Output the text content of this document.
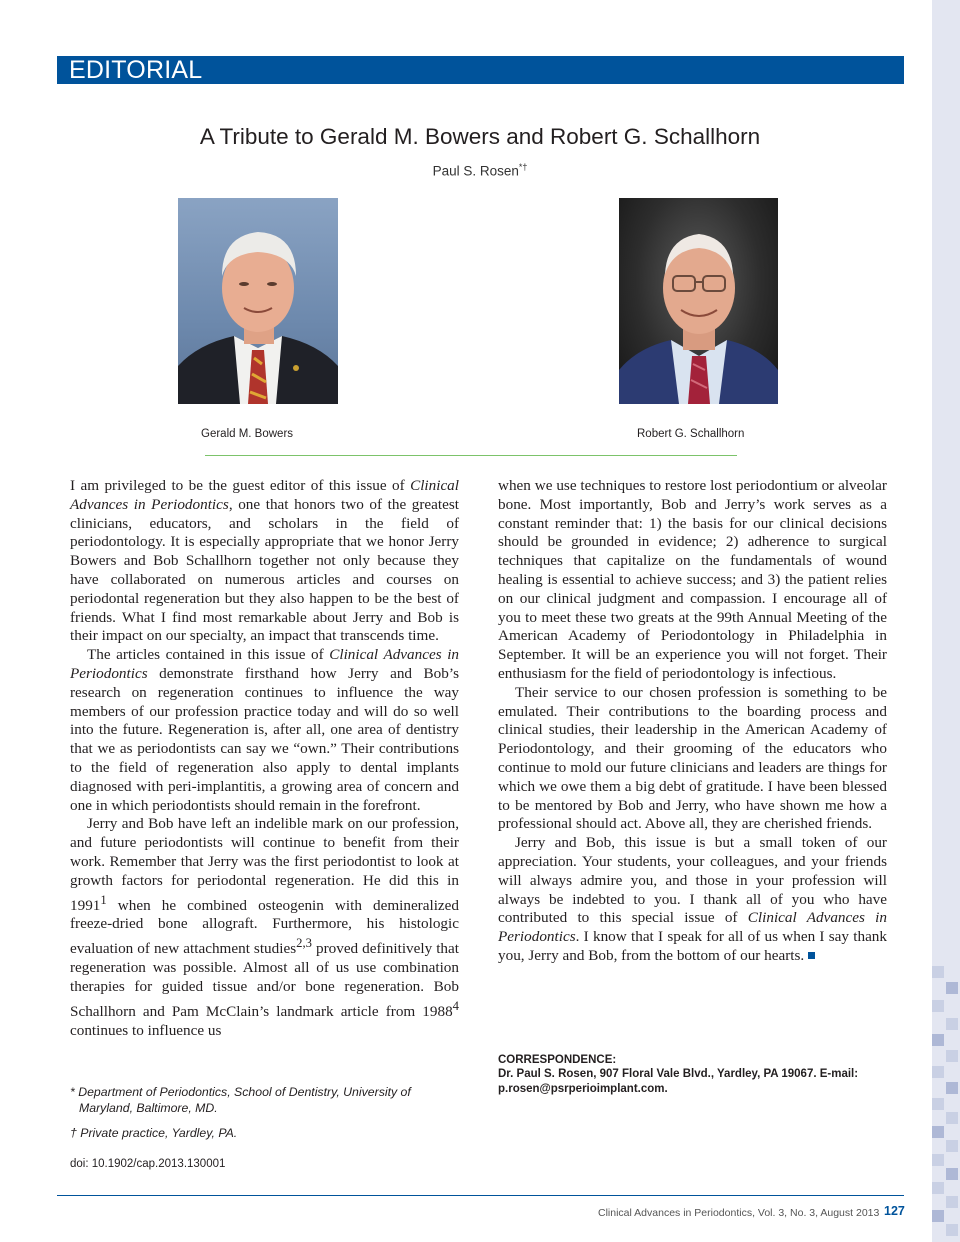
EDITORIAL
A Tribute to Gerald M. Bowers and Robert G. Schallhorn
Paul S. Rosen*†
Gerald M. Bowers	Robert G. Schallhorn

I am privileged to be the guest editor of this issue of Clinical Advances in Periodontics, one that honors two of the greatest clinicians, educators, and scholars in the field of periodontology. It is especially appropriate that we honor Jerry Bowers and Bob Schallhorn together not only because they have collaborated on numerous articles and courses on periodontal regeneration but they also happen to be the best of friends. What I find most remarkable about Jerry and Bob is their impact on our specialty, an impact that transcends time.

The articles contained in this issue of Clinical Advances in Periodontics demonstrate firsthand how Jerry and Bob’s research on regeneration continues to influence the way members of our profession practice today and will do so well into the future. Regeneration is, after all, one area of dentistry that we as periodontists can say we “own.” Their contributions to the field of regeneration also apply to dental implants diagnosed with peri-implantitis, a growing area of concern and one in which periodontists should remain in the forefront.

Jerry and Bob have left an indelible mark on our profession, and future periodontists will continue to benefit from their work. Remember that Jerry was the first periodontist to look at growth factors for periodontal regeneration. He did this in 1991$^1$ when he combined osteogenin with demineralized freeze-dried bone allograft. Furthermore, his histologic evaluation of new attachment studies$^{2,3}$ proved definitively that regeneration was possible. Almost all of us use combination therapies for guided tissue and/or bone regeneration. Bob Schallhorn and Pam McClain’s landmark article from 1988$^4$ continues to influence us

when we use techniques to restore lost periodontium or alveolar bone. Most importantly, Bob and Jerry’s work serves as a constant reminder that: 1) the basis for our clinical decisions should be grounded in evidence; 2) adherence to surgical techniques that capitalize on the fundamentals of wound healing is essential to achieve success; and 3) the patient relies on our clinical judgment and compassion. I encourage all of you to meet these two greats at the 99th Annual Meeting of the American Academy of Periodontology in Philadelphia in September. It will be an experience you will not forget. Their enthusiasm for the field of periodontology is infectious.

Their service to our chosen profession is something to be emulated. Their contributions to the boarding process and clinical studies, their leadership in the American Academy of Periodontology, and their grooming of the educators who continue to mold our future clinicians and leaders are things for which we owe them a big debt of gratitude. I have been blessed to be mentored by Bob and Jerry, who have shown me how a professional should act. Above all, they are cherished friends.

Jerry and Bob, this issue is but a small token of our appreciation. Your students, your colleagues, and your friends will always admire you, and those in your profession will always be indebted to you. I thank all of you who have contributed to this special issue of Clinical Advances in Periodontics. I know that I speak for all of us when I say thank you, Jerry and Bob, from the bottom of our hearts.

* Department of Periodontics, School of Dentistry, University of Maryland, Baltimore, MD.
† Private practice, Yardley, PA.
doi: 10.1902/cap.2013.130001
CORRESPONDENCE:
Dr. Paul S. Rosen, 907 Floral Vale Blvd., Yardley, PA 19067. E-mail: p.rosen@psrperioimplant.com.
Clinical Advances in Periodontics, Vol. 3, No. 3, August 2013 127
